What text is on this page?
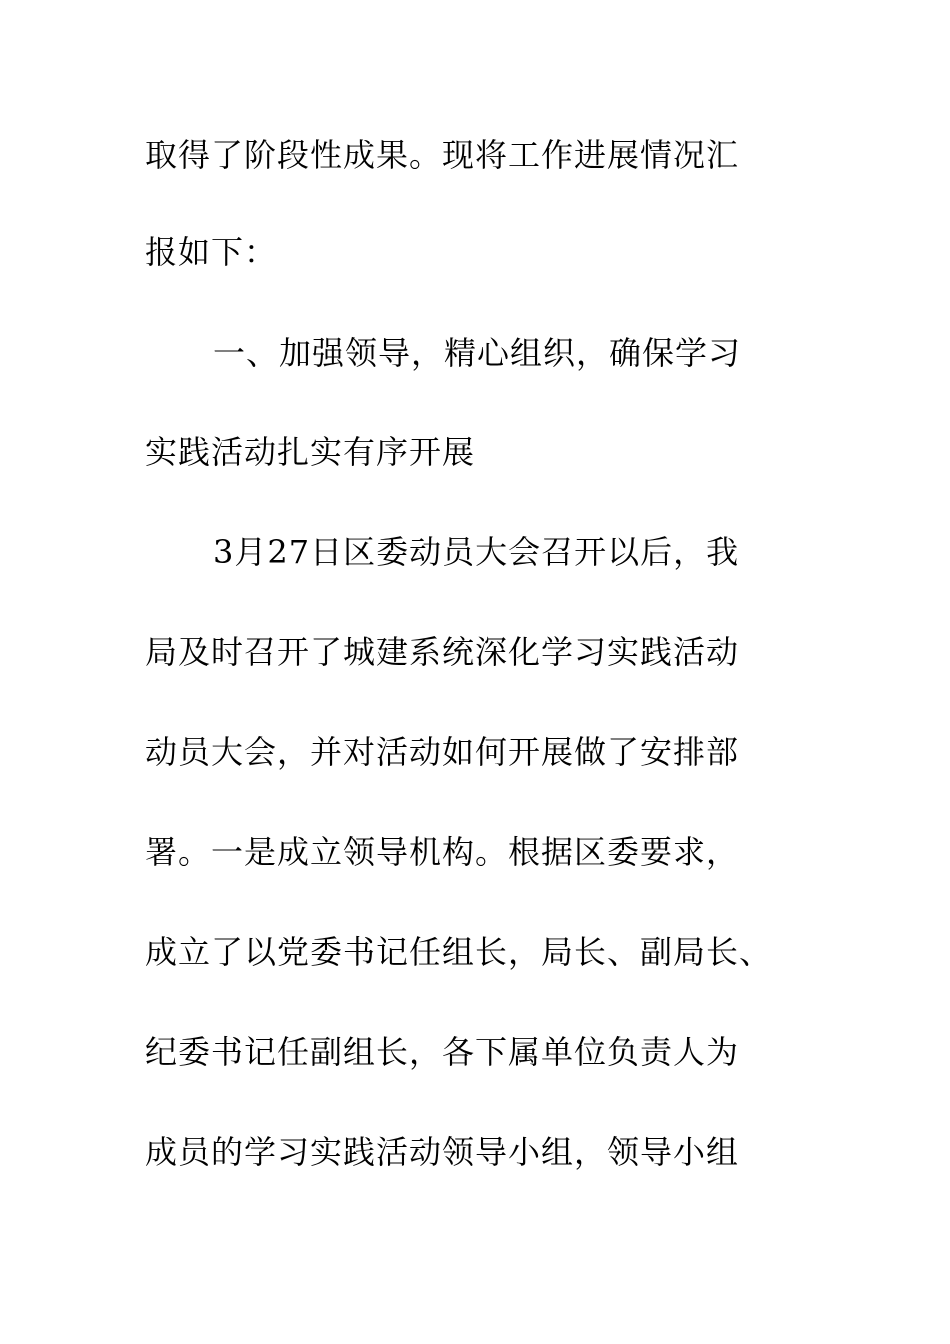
取得了阶段性成果。现将工作进展情况汇

报如下：

一、加强领导，精心组织，确保学习

实践活动扎实有序开展

3月27日区委动员大会召开以后，我

局及时召开了城建系统深化学习实践活动

动员大会，并对活动如何开展做了安排部

署。一是成立领导机构。根据区委要求，

成立了以党委书记任组长，局长、副局长、

纪委书记任副组长，各下属单位负责人为

成员的学习实践活动领导小组，领导小组
